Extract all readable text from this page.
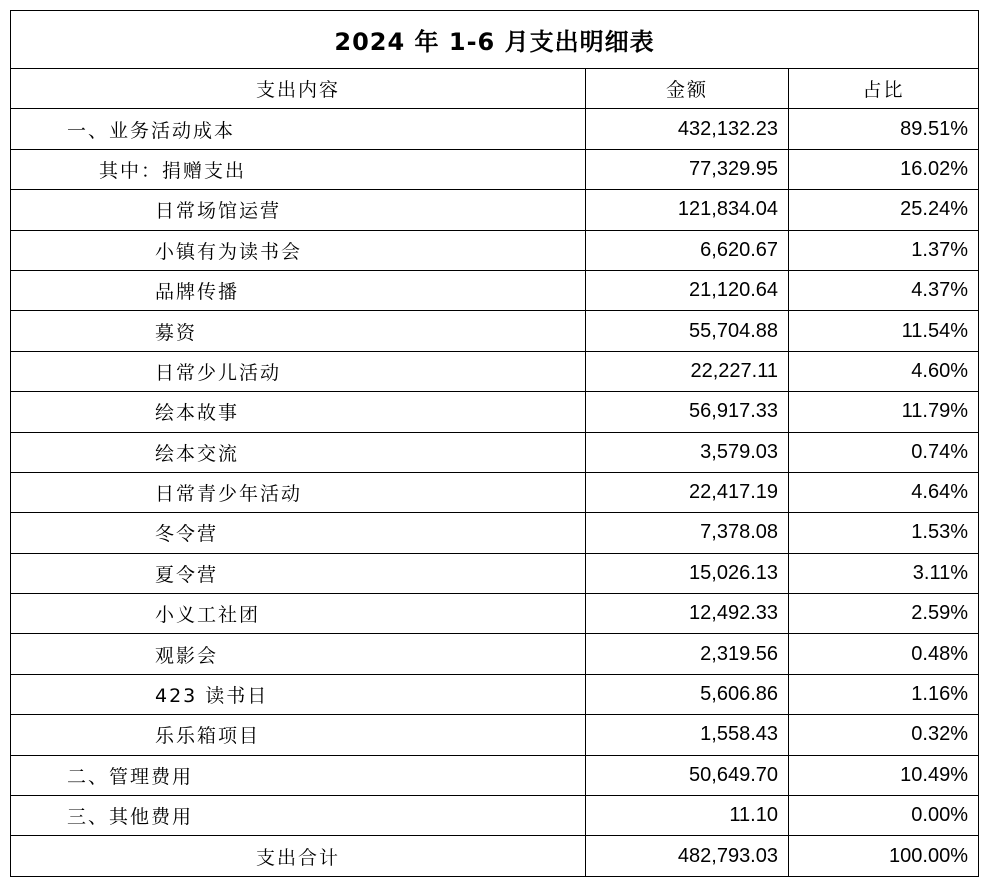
2024 年 1-6 月支出明细表		
支出内容	金额	占比
一、业务活动成本	432,132.23	89.51%
其中：捐赠支出	77,329.95	16.02%
日常场馆运营	121,834.04	25.24%
小镇有为读书会	6,620.67	1.37%
品牌传播	21,120.64	4.37%
募资	55,704.88	11.54%
日常少儿活动	22,227.11	4.60%
绘本故事	56,917.33	11.79%
绘本交流	3,579.03	0.74%
日常青少年活动	22,417.19	4.64%
冬令营	7,378.08	1.53%
夏令营	15,026.13	3.11%
小义工社团	12,492.33	2.59%
观影会	2,319.56	0.48%
423 读书日	5,606.86	1.16%
乐乐箱项目	1,558.43	0.32%
二、管理费用	50,649.70	10.49%
三、其他费用	11.10	0.00%
支出合计	482,793.03	100.00%
